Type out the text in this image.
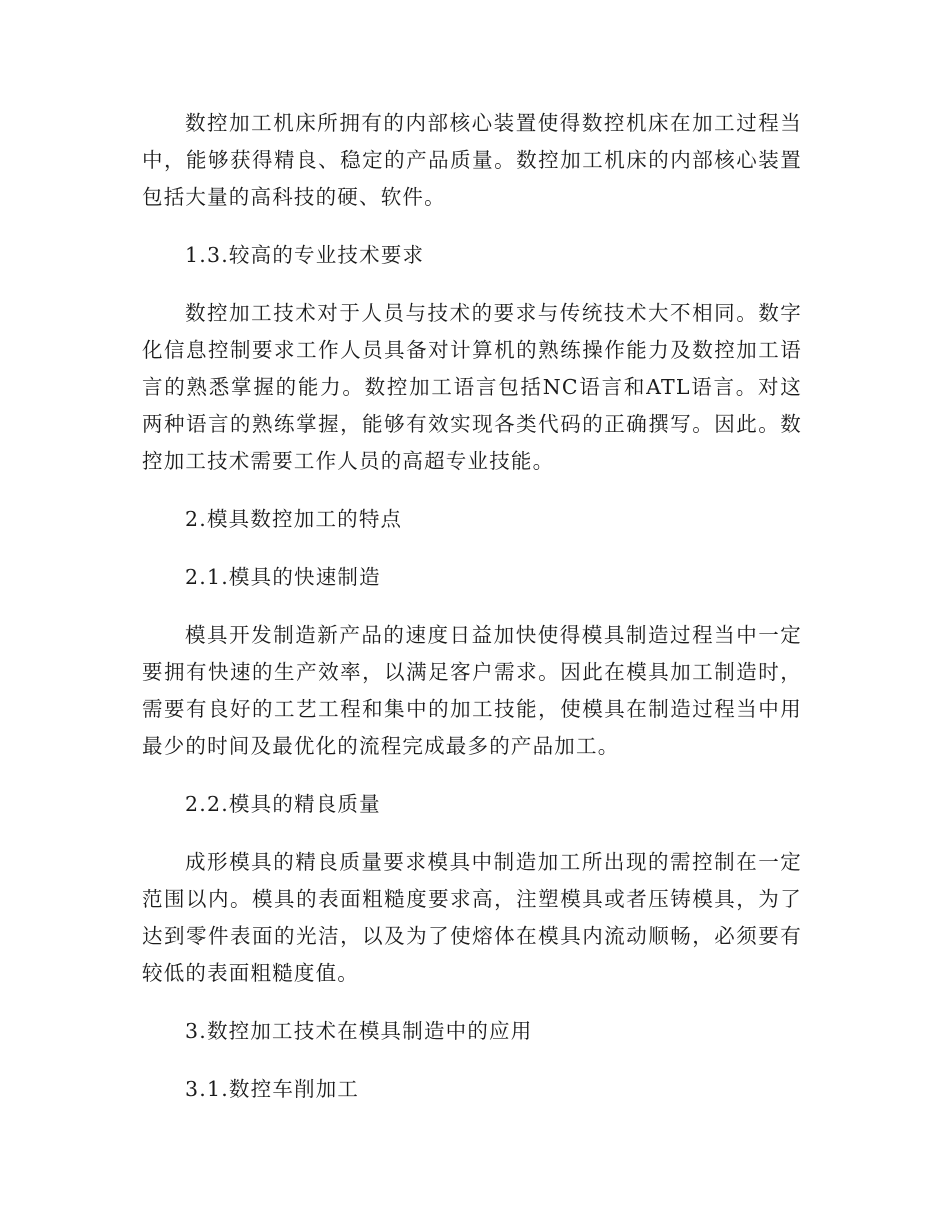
数控加工机床所拥有的内部核心装置使得数控机床在加工过程当中，能够获得精良、稳定的产品质量。数控加工机床的内部核心装置包括大量的高科技的硬、软件。

1.3.较高的专业技术要求

数控加工技术对于人员与技术的要求与传统技术大不相同。数字化信息控制要求工作人员具备对计算机的熟练操作能力及数控加工语言的熟悉掌握的能力。数控加工语言包括NC语言和ATL语言。对这两种语言的熟练掌握，能够有效实现各类代码的正确撰写。因此。数控加工技术需要工作人员的高超专业技能。

2.模具数控加工的特点

2.1.模具的快速制造

模具开发制造新产品的速度日益加快使得模具制造过程当中一定要拥有快速的生产效率，以满足客户需求。因此在模具加工制造时，需要有良好的工艺工程和集中的加工技能，使模具在制造过程当中用最少的时间及最优化的流程完成最多的产品加工。

2.2.模具的精良质量

成形模具的精良质量要求模具中制造加工所出现的需控制在一定范围以内。模具的表面粗糙度要求高，注塑模具或者压铸模具，为了达到零件表面的光洁，以及为了使熔体在模具内流动顺畅，必须要有较低的表面粗糙度值。

3.数控加工技术在模具制造中的应用

3.1.数控车削加工
